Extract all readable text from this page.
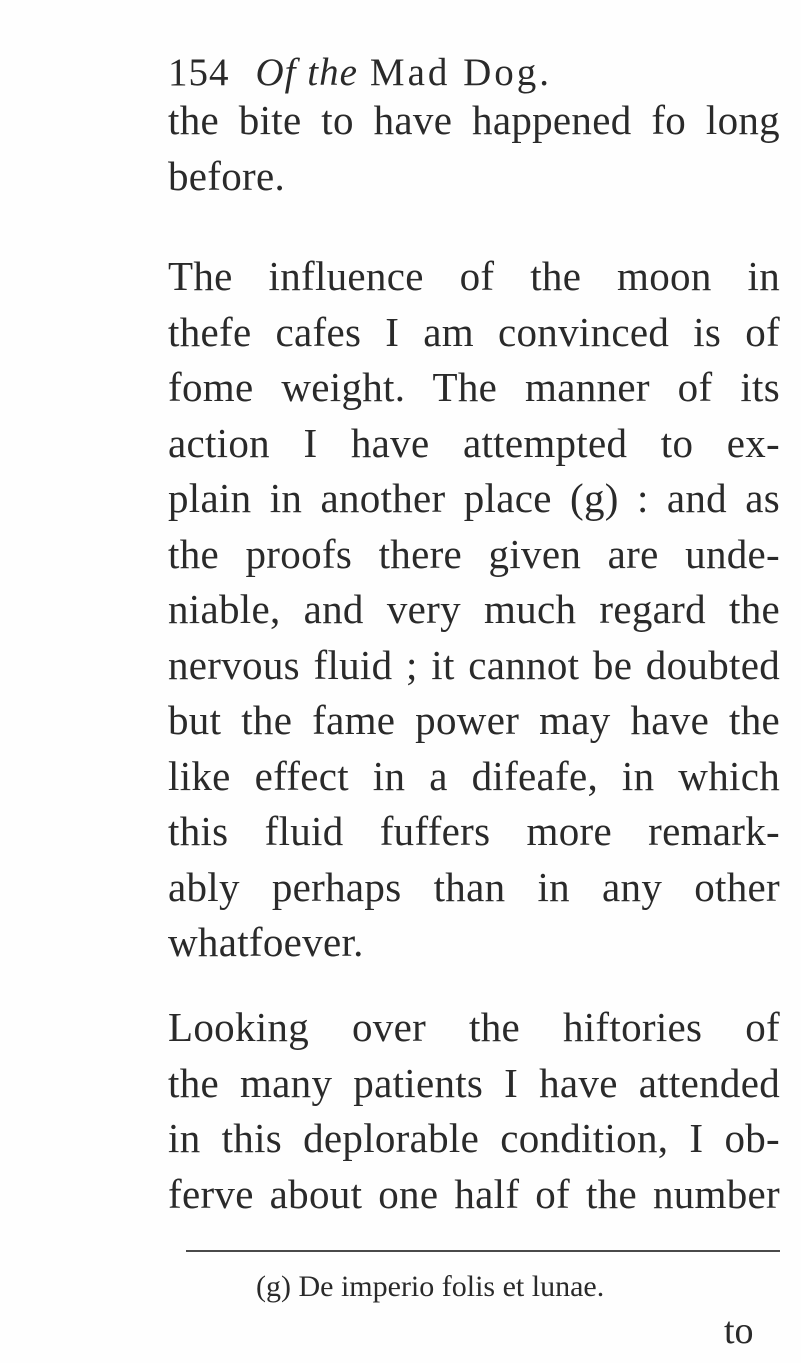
154 Of the Mad Dog.
the bite to have happened fo long
before.
The influence of the moon in
thefe cafes I am convinced is of
fome weight. The manner of its
action I have attempted to ex-
plain in another place (g) : and as
the proofs there given are unde-
niable, and very much regard the
nervous fluid ; it cannot be doubted
but the fame power may have the
like effect in a difeafe, in which
this fluid fuffers more remark-
ably perhaps than in any other
whatfoever.
Looking over the hiftories of
the many patients I have attended
in this deplorable condition, I ob-
ferve about one half of the number
(g) De imperio folis et lunae.
to
